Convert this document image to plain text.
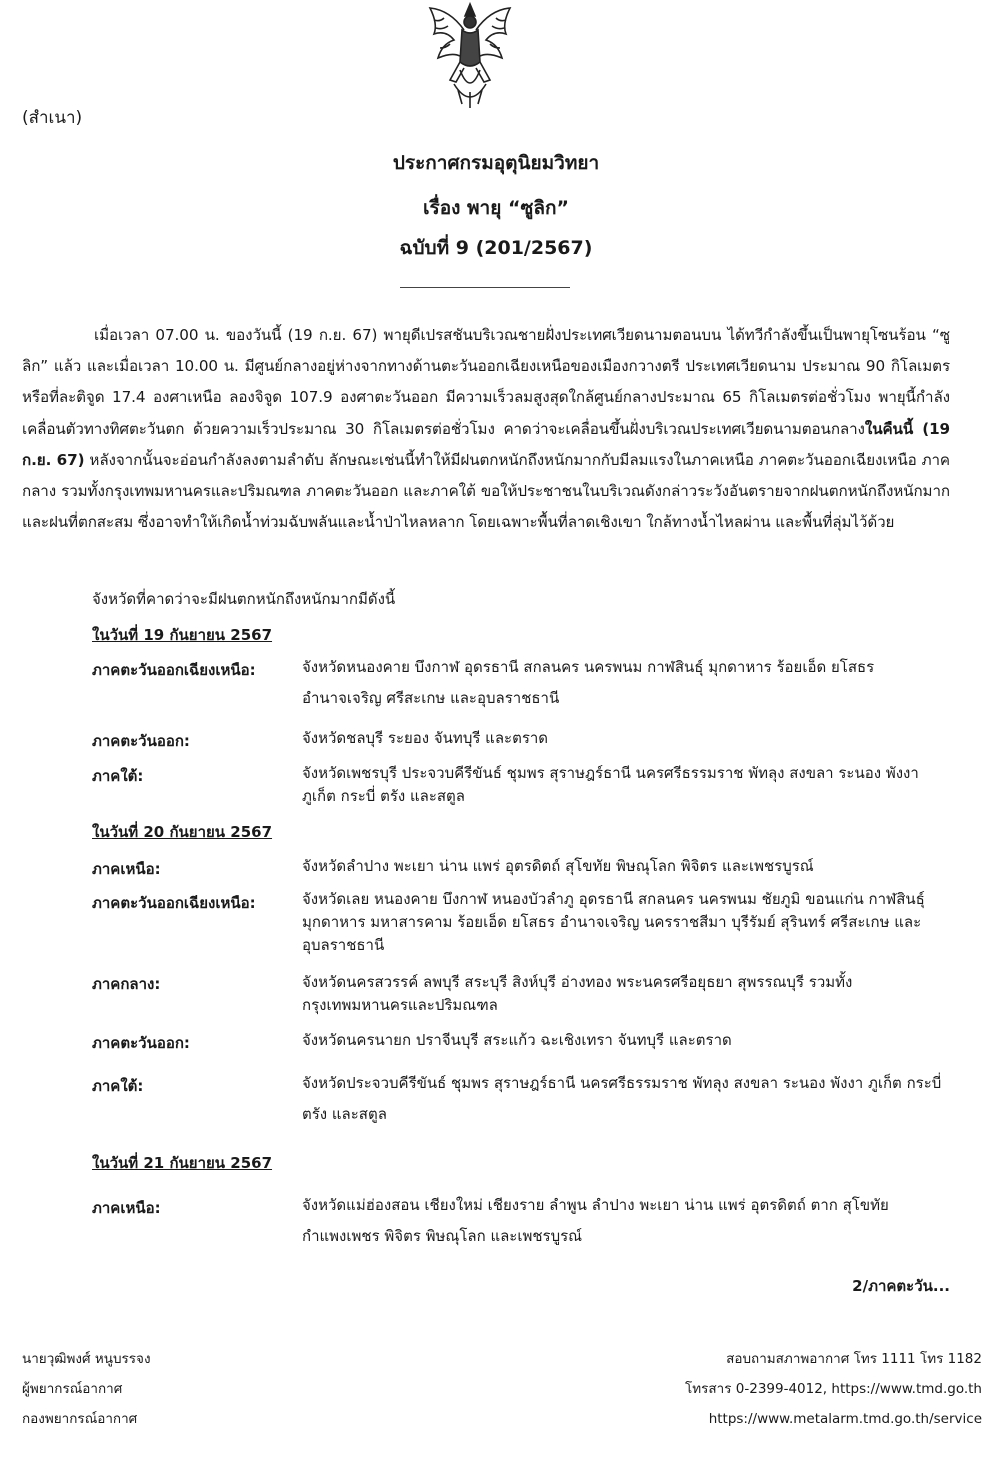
(สำเนา)
ประกาศกรมอุตุนิยมวิทยา
เรื่อง พายุ “ซูลิก”
ฉบับที่ 9 (201/2567)
เมื่อเวลา 07.00 น. ของวันนี้ (19 ก.ย. 67) พายุดีเปรสชันบริเวณชายฝั่งประเทศเวียดนามตอนบน ได้ทวีกำลังขึ้นเป็นพายุโซนร้อน “ซูลิก” แล้ว และเมื่อเวลา 10.00 น. มีศูนย์กลางอยู่ห่างจากทางด้านตะวันออกเฉียงเหนือของเมืองกวางตรี ประเทศเวียดนาม ประมาณ 90 กิโลเมตร หรือที่ละติจูด 17.4 องศาเหนือ ลองจิจูด 107.9 องศาตะวันออก มีความเร็วลมสูงสุดใกล้ศูนย์กลางประมาณ 65 กิโลเมตรต่อชั่วโมง พายุนี้กำลังเคลื่อนตัวทางทิศตะวันตก ด้วยความเร็วประมาณ 30 กิโลเมตรต่อชั่วโมง คาดว่าจะเคลื่อนขึ้นฝั่งบริเวณประเทศเวียดนามตอนกลางในคืนนี้ (19 ก.ย. 67) หลังจากนั้นจะอ่อนกำลังลงตามลำดับ ลักษณะเช่นนี้ทำให้มีฝนตกหนักถึงหนักมากกับมีลมแรงในภาคเหนือ ภาคตะวันออกเฉียงเหนือ ภาคกลาง รวมทั้งกรุงเทพมหานครและปริมณฑล ภาคตะวันออก และภาคใต้ ขอให้ประชาชนในบริเวณดังกล่าวระวังอันตรายจากฝนตกหนักถึงหนักมากและฝนที่ตกสะสม ซึ่งอาจทำให้เกิดน้ำท่วมฉับพลันและน้ำป่าไหลหลาก โดยเฉพาะพื้นที่ลาดเชิงเขา ใกล้ทางน้ำไหลผ่าน และพื้นที่ลุ่มไว้ด้วย
จังหวัดที่คาดว่าจะมีฝนตกหนักถึงหนักมากมีดังนี้
ในวันที่ 19 กันยายน 2567
ภาคตะวันออกเฉียงเหนือ:	จังหวัดหนองคาย บึงกาฬ อุดรธานี สกลนคร นครพนม กาฬสินธุ์ มุกดาหาร ร้อยเอ็ด ยโสธร อำนาจเจริญ ศรีสะเกษ และอุบลราชธานี
ภาคตะวันออก:	จังหวัดชลบุรี ระยอง จันทบุรี และตราด
ภาคใต้:	จังหวัดเพชรบุรี ประจวบคีรีขันธ์ ชุมพร สุราษฎร์ธานี นครศรีธรรมราช พัทลุง สงขลา ระนอง พังงา ภูเก็ต กระบี่ ตรัง และสตูล
ในวันที่ 20 กันยายน 2567
ภาคเหนือ:	จังหวัดลำปาง พะเยา น่าน แพร่ อุตรดิตถ์ สุโขทัย พิษณุโลก พิจิตร และเพชรบูรณ์
ภาคตะวันออกเฉียงเหนือ:	จังหวัดเลย หนองคาย บึงกาฬ หนองบัวลำภู อุดรธานี สกลนคร นครพนม ชัยภูมิ ขอนแก่น กาฬสินธุ์ มุกดาหาร มหาสารคาม ร้อยเอ็ด ยโสธร อำนาจเจริญ นครราชสีมา บุรีรัมย์ สุรินทร์ ศรีสะเกษ และอุบลราชธานี
ภาคกลาง:	จังหวัดนครสวรรค์ ลพบุรี สระบุรี สิงห์บุรี อ่างทอง พระนครศรีอยุธยา สุพรรณบุรี รวมทั้งกรุงเทพมหานครและปริมณฑล
ภาคตะวันออก:	จังหวัดนครนายก ปราจีนบุรี สระแก้ว ฉะเชิงเทรา จันทบุรี และตราด
ภาคใต้:	จังหวัดประจวบคีรีขันธ์ ชุมพร สุราษฎร์ธานี นครศรีธรรมราช พัทลุง สงขลา ระนอง พังงา ภูเก็ต กระบี่ ตรัง และสตูล
ในวันที่ 21 กันยายน 2567
ภาคเหนือ:	จังหวัดแม่ฮ่องสอน เชียงใหม่ เชียงราย ลำพูน ลำปาง พะเยา น่าน แพร่ อุตรดิตถ์ ตาก สุโขทัย กำแพงเพชร พิจิตร พิษณุโลก และเพชรบูรณ์
2/ภาคตะวัน...
นายวุฒิพงศ์ หนูบรรจง
ผู้พยากรณ์อากาศ
กองพยากรณ์อากาศ
สอบถามสภาพอากาศ โทร 1111 โทร 1182
โทรสาร 0-2399-4012, https://www.tmd.go.th
https://www.metalarm.tmd.go.th/service
